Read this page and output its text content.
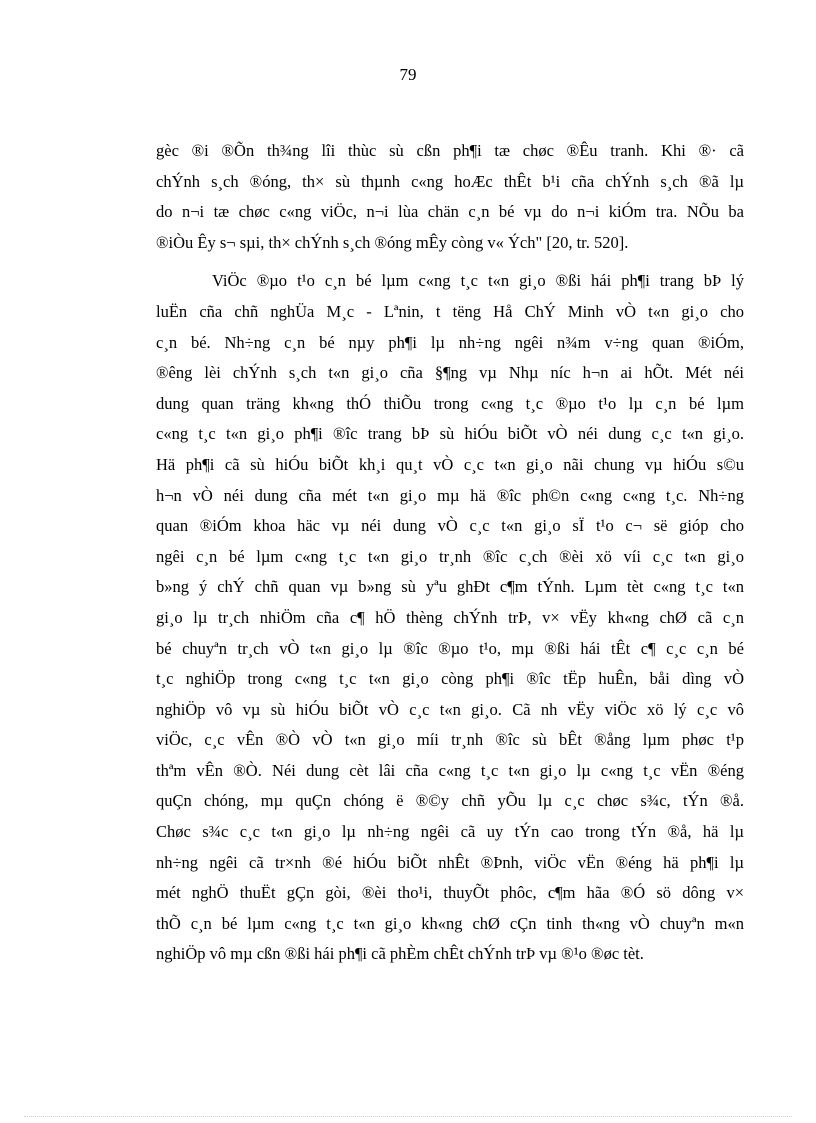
79
gèc ®i ®Õn th¾ng lîi thùc sù cßn ph¶i tæ chøc ®Êu tranh. Khi ®· cã
chÝnh s¸ch ®óng, th× sù thµnh c«ng hoÆc thÊt b¹i cña chÝnh s¸ch ®ã lµ
do n¬i tæ chøc c«ng viÖc, n¬i lùa chän c¸n bé vµ do n¬i kiÓm tra. NÕu ba
®iÒu Êy s¬ sµi, th× chÝnh s¸ch ®óng mÊy còng v« Ých" [20, tr. 520].
ViÖc ®µo t¹o c¸n bé lµm c«ng t¸c t«n gi¸o ®ßi hái ph¶i trang bÞ lý
luËn cña chñ nghÜa M¸c - Lªnin, t tëng Hå ChÝ Minh vÒ t«n gi¸o cho
c¸n bé. Nh÷ng c¸n bé nµy ph¶i lµ nh÷ng ngêi n¾m v÷ng quan ®iÓm,
®êng lèi chÝnh s¸ch t«n gi¸o cña §¶ng vµ Nhµ níc h¬n ai hÕt. Mét néi
dung quan träng kh«ng thÓ thiÕu trong c«ng t¸c ®µo t¹o lµ c¸n bé lµm
c«ng t¸c t«n gi¸o ph¶i ®îc trang bÞ sù hiÓu biÕt vÒ néi dung c¸c t«n gi¸o.
Hä ph¶i cã sù hiÓu biÕt kh¸i qu¸t vÒ c¸c t«n gi¸o nãi chung vµ hiÓu s©u
h¬n vÒ néi dung cña mét t«n gi¸o mµ hä ®îc ph©n c«ng c«ng t¸c. Nh÷ng
quan ®iÓm khoa häc vµ néi dung vÒ c¸c t«n gi¸o sÏ t¹o c¬ së gióp cho
ngêi c¸n bé lµm c«ng t¸c t«n gi¸o tr¸nh ®îc c¸ch ®èi xö víi c¸c t«n gi¸o
b»ng ý chÝ chñ quan vµ b»ng sù yªu ghÐt c¶m tÝnh. Lµm tèt c«ng t¸c t«n
gi¸o lµ tr¸ch nhiÖm cña c¶ hÖ thèng chÝnh trÞ, v× vËy kh«ng chØ cã c¸n
bé chuyªn tr¸ch vÒ t«n gi¸o lµ ®îc ®µo t¹o, mµ ®ßi hái tÊt c¶ c¸c c¸n bé
t¸c nghiÖp trong c«ng t¸c t«n gi¸o còng ph¶i ®îc tËp huÊn, båi dìng vÒ
nghiÖp vô vµ sù hiÓu biÕt vÒ c¸c t«n gi¸o. Cã nh vËy viÖc xö lý c¸c vô
viÖc, c¸c vÊn ®Ò vÒ t«n gi¸o míi tr¸nh ®îc sù bÊt ®ång lµm phøc t¹p
thªm vÊn ®Ò. Néi dung cèt lâi cña c«ng t¸c t«n gi¸o lµ c«ng t¸c vËn ®éng
quÇn chóng, mµ quÇn chóng ë ®©y chñ yÕu lµ c¸c chøc s¾c, tÝn ®å.
Chøc s¾c c¸c t«n gi¸o lµ nh÷ng ngêi cã uy tÝn cao trong tÝn ®å, hä lµ
nh÷ng ngêi cã tr×nh ®é hiÓu biÕt nhÊt ®Þnh, viÖc vËn ®éng hä ph¶i lµ
mét nghÖ thuËt gÇn gòi, ®èi tho¹i, thuyÕt phôc, c¶m hãa ®Ó sö dông v×
thÕ c¸n bé lµm c«ng t¸c t«n gi¸o kh«ng chØ cÇn tinh th«ng vÒ chuyªn m«n
nghiÖp vô mµ cßn ®ßi hái ph¶i cã phÈm chÊt chÝnh trÞ vµ ®¹o ®øc tèt.
